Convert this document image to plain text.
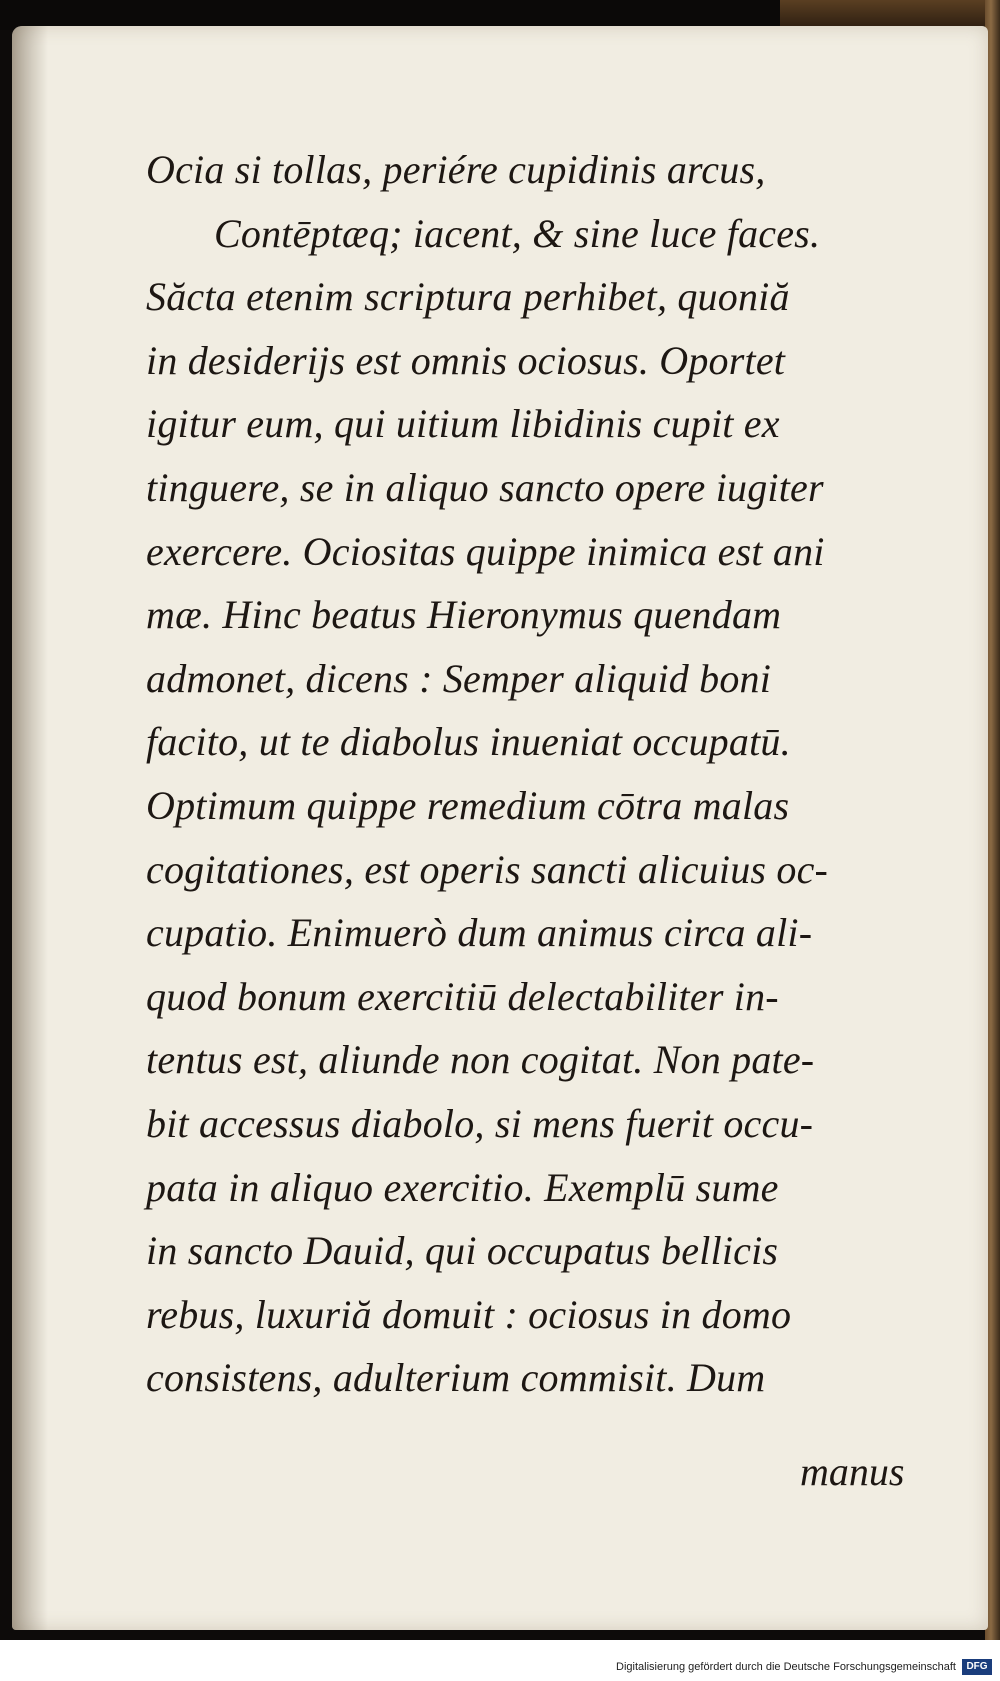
Ocia si tollas, periére cupidinis arcus,
Contēptæq; iacent, & sine luce faces.
Săcta etenim scriptura perhibet, quoniă
in desiderijs est omnis ociosus. Oportet
igitur eum, qui uitium libidinis cupit ex
tinguere, se in aliquo sancto opere iugiter
exercere. Ociositas quippe inimica est ani
mæ. Hinc beatus Hieronymus quendam
admonet, dicens : Semper aliquid boni
facito, ut te diabolus inueniat occupatū.
Optimum quippe remedium cōtra malas
cogitationes, est operis sancti alicuius oc-
cupatio. Enimuerò dum animus circa ali-
quod bonum exercitiū delectabiliter in-
tentus est, aliunde non cogitat. Non pate-
bit accessus diabolo, si mens fuerit occu-
pata in aliquo exercitio. Exemplū sume
in sancto Dauid, qui occupatus bellicis
rebus, luxuriă domuit : ociosus in domo
consistens, adulterium commisit. Dum
manus
Digitalisierung gefördert durch die Deutsche Forschungsgemeinschaft	DFG
